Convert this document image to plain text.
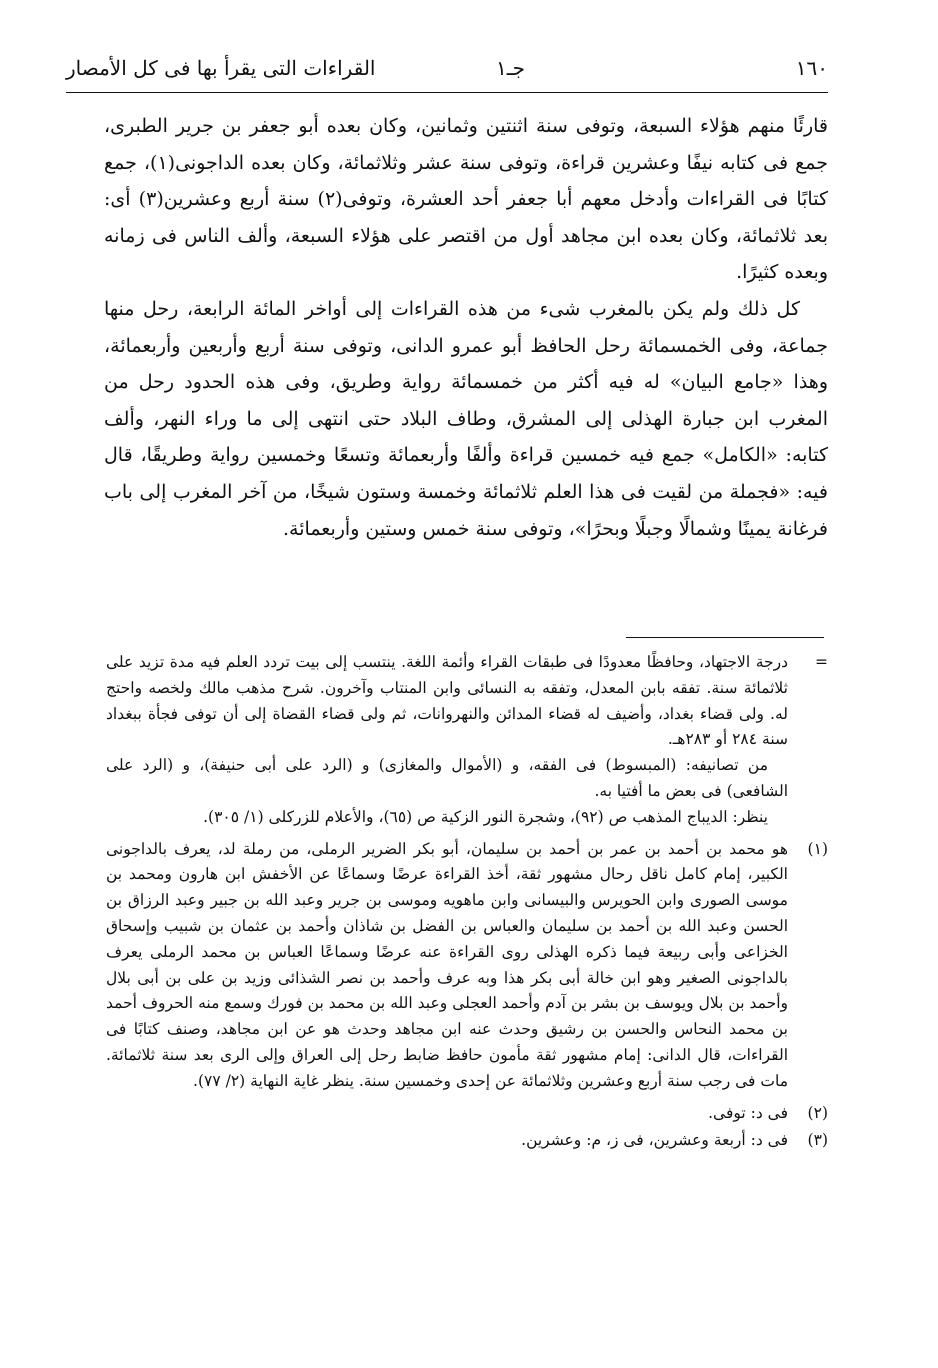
١٦٠
جـ١
القراءات التى يقرأ بها فى كل الأمصار

قارئًا منهم هؤلاء السبعة، وتوفى سنة اثنتين وثمانين، وكان بعده أبو جعفر بن جرير الطبرى، جمع فى كتابه نيفًا وعشرين قراءة، وتوفى سنة عشر وثلاثمائة، وكان بعده الداجونى(١)، جمع كتابًا فى القراءات وأدخل معهم أبا جعفر أحد العشرة، وتوفى(٢) سنة أربع وعشرين(٣) أى: بعد ثلاثمائة، وكان بعده ابن مجاهد أول من اقتصر على هؤلاء السبعة، وألف الناس فى زمانه وبعده كثيرًا.

كل ذلك ولم يكن بالمغرب شىء من هذه القراءات إلى أواخر المائة الرابعة، رحل منها جماعة، وفى الخمسمائة رحل الحافظ أبو عمرو الدانى، وتوفى سنة أربع وأربعين وأربعمائة، وهذا «جامع البيان» له فيه أكثر من خمسمائة رواية وطريق، وفى هذه الحدود رحل من المغرب ابن جبارة الهذلى إلى المشرق، وطاف البلاد حتى انتهى إلى ما وراء النهر، وألف كتابه: «الكامل» جمع فيه خمسين قراءة وألفًا وأربعمائة وتسعًا وخمسين رواية وطريقًا، قال فيه: «فجملة من لقيت فى هذا العلم ثلاثمائة وخمسة وستون شيخًا، من آخر المغرب إلى باب فرغانة يمينًا وشمالًا وجبلًا وبحرًا»، وتوفى سنة خمس وستين وأربعمائة.

=

درجة الاجتهاد، وحافظًا معدودًا فى طبقات القراء وأئمة اللغة. ينتسب إلى بيت تردد العلم فيه مدة تزيد على ثلاثمائة سنة. تفقه بابن المعدل، وتفقه به النسائى وابن المنتاب وآخرون. شرح مذهب مالك ولخصه واحتج له. ولى قضاء بغداد، وأضيف له قضاء المدائن والنهروانات، ثم ولى قضاء القضاة إلى أن توفى فجأة ببغداد سنة ٢٨٤ أو ٢٨٣هـ.

من تصانيفه: (المبسوط) فى الفقه، و (الأموال والمغازى) و (الرد على أبى حنيفة)، و (الرد على الشافعى) فى بعض ما أفتيا به.

ينظر: الديباج المذهب ص (٩٢)، وشجرة النور الزكية ص (٦٥)، والأعلام للزركلى (١/ ٣٠٥).

(١)

هو محمد بن أحمد بن عمر بن أحمد بن سليمان، أبو بكر الضرير الرملى، من رملة لد، يعرف بالداجونى الكبير، إمام كامل ناقل رحال مشهور ثقة، أخذ القراءة عرضًا وسماعًا عن الأخفش ابن هارون ومحمد بن موسى الصورى وابن الحويرس والبيسانى وابن ماهويه وموسى بن جرير وعبد الله بن جبير وعبد الرزاق بن الحسن وعبد الله بن أحمد بن سليمان والعباس بن الفضل بن شاذان وأحمد بن عثمان بن شبيب وإسحاق الخزاعى وأبى ربيعة فيما ذكره الهذلى روى القراءة عنه عرضًا وسماعًا العباس بن محمد الرملى يعرف بالداجونى الصغير وهو ابن خالة أبى بكر هذا وبه عرف وأحمد بن نصر الشذائى وزيد بن على بن أبى بلال وأحمد بن بلال ويوسف بن بشر بن آدم وأحمد العجلى وعبد الله بن محمد بن فورك وسمع منه الحروف أحمد بن محمد النحاس والحسن بن رشيق وحدث عنه ابن مجاهد وحدث هو عن ابن مجاهد، وصنف كتابًا فى القراءات، قال الدانى: إمام مشهور ثقة مأمون حافظ ضابط رحل إلى العراق وإلى الرى بعد سنة ثلاثمائة. مات فى رجب سنة أربع وعشرين وثلاثمائة عن إحدى وخمسين سنة. ينظر غاية النهاية (٢/ ٧٧).

(٢)

فى د: توفى.

(٣)

فى د: أربعة وعشرين، فى ز، م: وعشرين.
